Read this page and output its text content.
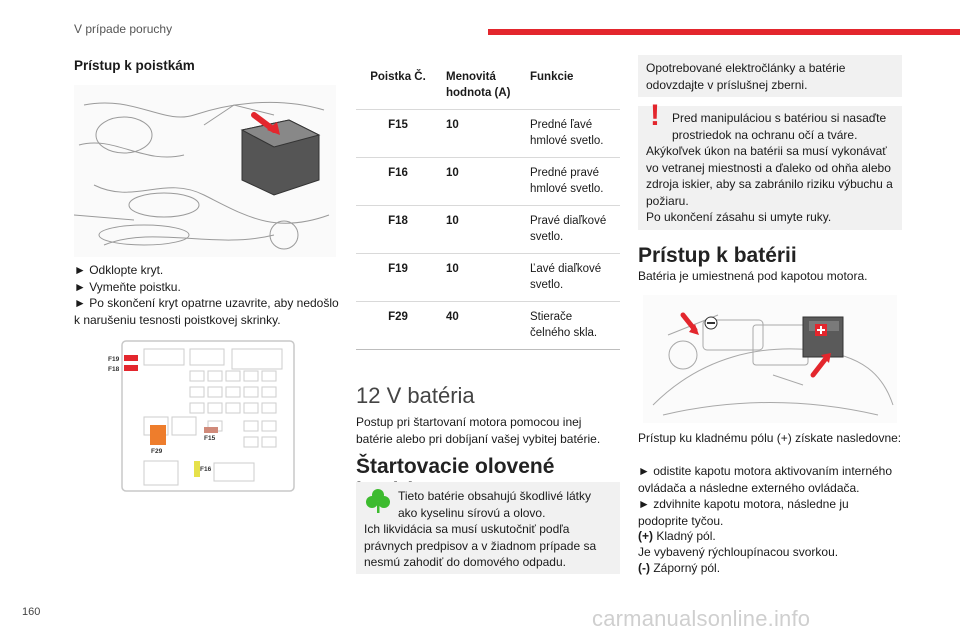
V prípade poruchy
Prístup k poistkám
► Odklopte kryt.
► Vymeňte poistku.
► Po skončení kryt opatrne uzavrite, aby nedošlo k narušeniu tesnosti poistkovej skrinky.
F19
F18
F15
F29
F16
Poistka Č.	Menovitá hodnota (A)	Funkcie
F15	10	Predné ľavé hmlové svetlo.
F16	10	Predné pravé hmlové svetlo.
F18	10	Pravé diaľkové svetlo.
F19	10	Ľavé diaľkové svetlo.
F29	40	Stierače čelného skla.
12 V batéria
Postup pri štartovaní motora pomocou inej batérie alebo pri dobíjaní vašej vybitej batérie.
Štartovacie olovené
Tieto batérie obsahujú škodlivé látky ako kyselinu sírovú a olovo.
Ich likvidácia sa musí uskutočniť podľa právnych predpisov a v žiadnom prípade sa nesmú zahodiť do domového odpadu.
Opotrebované elektročlánky a batérie odovzdajte v príslušnej zberni.
! Pred manipuláciou s batériou si nasaďte prostriedok na ochranu očí a tváre.
Akýkoľvek úkon na batérii sa musí vykonávať vo vetranej miestnosti a ďaleko od ohňa alebo zdroja iskier, aby sa zabránilo riziku výbuchu a požiaru.
Po ukončení zásahu si umyte ruky.
Prístup k batérii
Batéria je umiestnená pod kapotou motora.
Prístup ku kladnému pólu (+) získate nasledovne:
► odistite kapotu motora aktivovaním interného ovládača a následne externého ovládača.
► zdvihnite kapotu motora, následne ju podoprite tyčou.
(+) Kladný pól.
Je vybavený rýchloupínacou svorkou.
(-) Záporný pól.
160	carmanualsonline.info
